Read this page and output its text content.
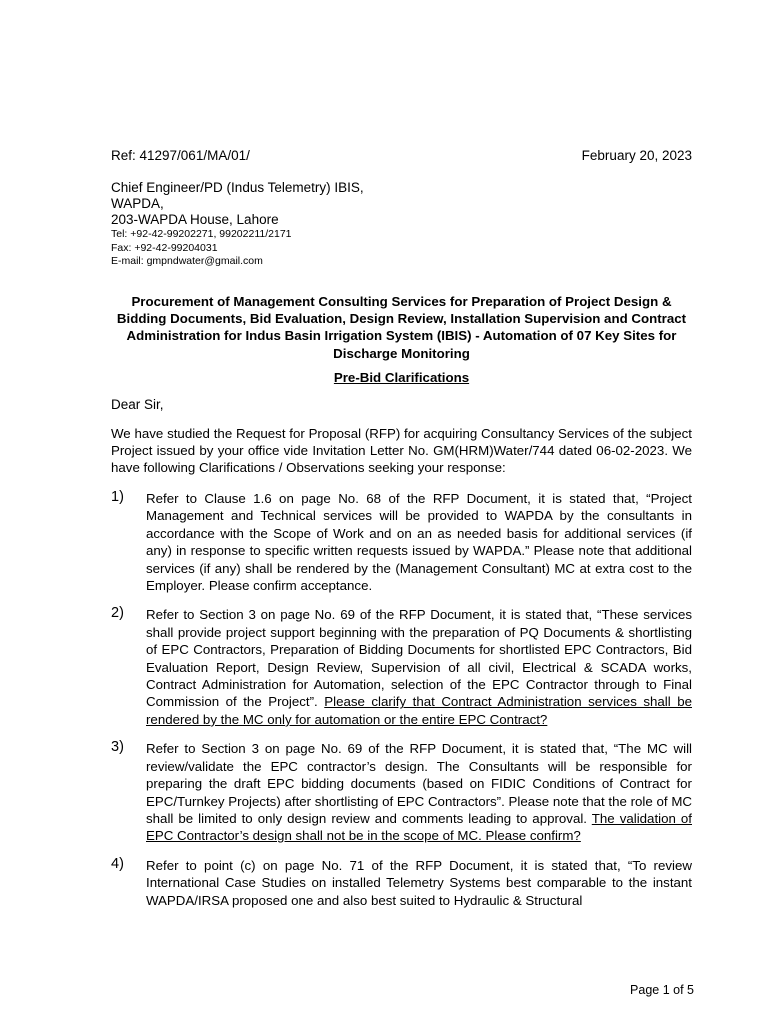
Ref: 41297/061/MA/01/	February 20, 2023
Chief Engineer/PD (Indus Telemetry) IBIS,
WAPDA,
203-WAPDA House, Lahore
Tel: +92-42-99202271, 99202211/2171
Fax: +92-42-99204031
E-mail: gmpndwater@gmail.com
Procurement of Management Consulting Services for Preparation of Project Design & Bidding Documents, Bid Evaluation, Design Review, Installation Supervision and Contract Administration for Indus Basin Irrigation System (IBIS) - Automation of 07 Key Sites for Discharge Monitoring
Pre-Bid Clarifications
Dear Sir,
We have studied the Request for Proposal (RFP) for acquiring Consultancy Services of the subject Project issued by your office vide Invitation Letter No. GM(HRM)Water/744 dated 06-02-2023. We have following Clarifications / Observations seeking your response:
1) Refer to Clause 1.6 on page No. 68 of the RFP Document, it is stated that, “Project Management and Technical services will be provided to WAPDA by the consultants in accordance with the Scope of Work and on an as needed basis for additional services (if any) in response to specific written requests issued by WAPDA.” Please note that additional services (if any) shall be rendered by the (Management Consultant) MC at extra cost to the Employer. Please confirm acceptance.
2) Refer to Section 3 on page No. 69 of the RFP Document, it is stated that, “These services shall provide project support beginning with the preparation of PQ Documents & shortlisting of EPC Contractors, Preparation of Bidding Documents for shortlisted EPC Contractors, Bid Evaluation Report, Design Review, Supervision of all civil, Electrical & SCADA works, Contract Administration for Automation, selection of the EPC Contractor through to Final Commission of the Project”. Please clarify that Contract Administration services shall be rendered by the MC only for automation or the entire EPC Contract?
3) Refer to Section 3 on page No. 69 of the RFP Document, it is stated that, “The MC will review/validate the EPC contractor’s design. The Consultants will be responsible for preparing the draft EPC bidding documents (based on FIDIC Conditions of Contract for EPC/Turnkey Projects) after shortlisting of EPC Contractors”. Please note that the role of MC shall be limited to only design review and comments leading to approval. The validation of EPC Contractor’s design shall not be in the scope of MC. Please confirm?
4) Refer to point (c) on page No. 71 of the RFP Document, it is stated that, “To review International Case Studies on installed Telemetry Systems best comparable to the instant WAPDA/IRSA proposed one and also best suited to Hydraulic & Structural
Page 1 of 5
